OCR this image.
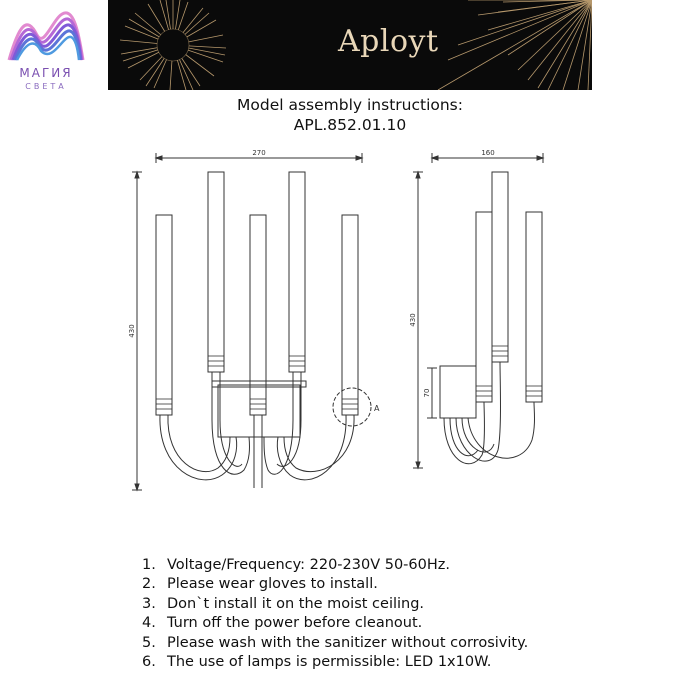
МАГИЯ
СВЕТА
Aployt
Model assembly instructions:
APL.852.01.10
270
430
160
430
70
A
1. Voltage/Frequency: 220-230V 50-60Hz.
2. Please wear gloves to install.
3. Don`t install it on the moist ceiling.
4. Turn off the power before cleanout.
5. Please wash with the sanitizer without corrosivity.
6. The use of lamps is permissible: LED 1x10W.
